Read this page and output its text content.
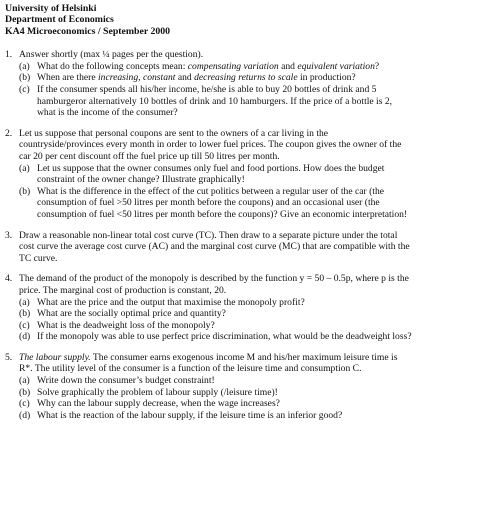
University of Helsinki
Department of Economics
KA4 Microeconomics / September 2000
1. Answer shortly (max ¼ pages per the question).
(a) What do the following concepts mean: compensating variation and equivalent variation?
(b) When are there increasing, constant and decreasing returns to scale in production?
(c) If the consumer spends all his/her income, he/she is able to buy 20 bottles of drink and 5
hamburgeror alternatively 10 bottles of drink and 10 hamburgers. If the price of a bottle is 2,
what is the income of the consumer?
2. Let us suppose that personal coupons are sent to the owners of a car living in the
countryside/provinces every month in order to lower fuel prices. The coupon gives the owner of the
car 20 per cent discount off the fuel price up till 50 litres per month.
(a) Let us suppose that the owner consumes only fuel and food portions. How does the budget
constraint of the owner change? Illustrate graphically!
(b) What is the difference in the effect of the cut politics between a regular user of the car (the
consumption of fuel >50 litres per month before the coupons) and an occasional user (the
consumption of fuel <50 litres per month before the coupons)? Give an economic interpretation!
3. Draw a reasonable non-linear total cost curve (TC). Then draw to a separate picture under the total
cost curve the average cost curve (AC) and the marginal cost curve (MC) that are compatible with the
TC curve.
4. The demand of the product of the monopoly is described by the function y = 50 – 0.5p, where p is the
price. The marginal cost of production is constant, 20.
(a) What are the price and the output that maximise the monopoly profit?
(b) What are the socially optimal price and quantity?
(c) What is the deadweight loss of the monopoly?
(d) If the monopoly was able to use perfect price discrimination, what would be the deadweight loss?
5. The labour supply. The consumer earns exogenous income M and his/her maximum leisure time is
R*. The utility level of the consumer is a function of the leisure time and consumption C.
(a) Write down the consumer’s budget constraint!
(b) Solve graphically the problem of labour supply (/leisure time)!
(c) Why can the labour supply decrease, when the wage increases?
(d) What is the reaction of the labour supply, if the leisure time is an inferior good?
